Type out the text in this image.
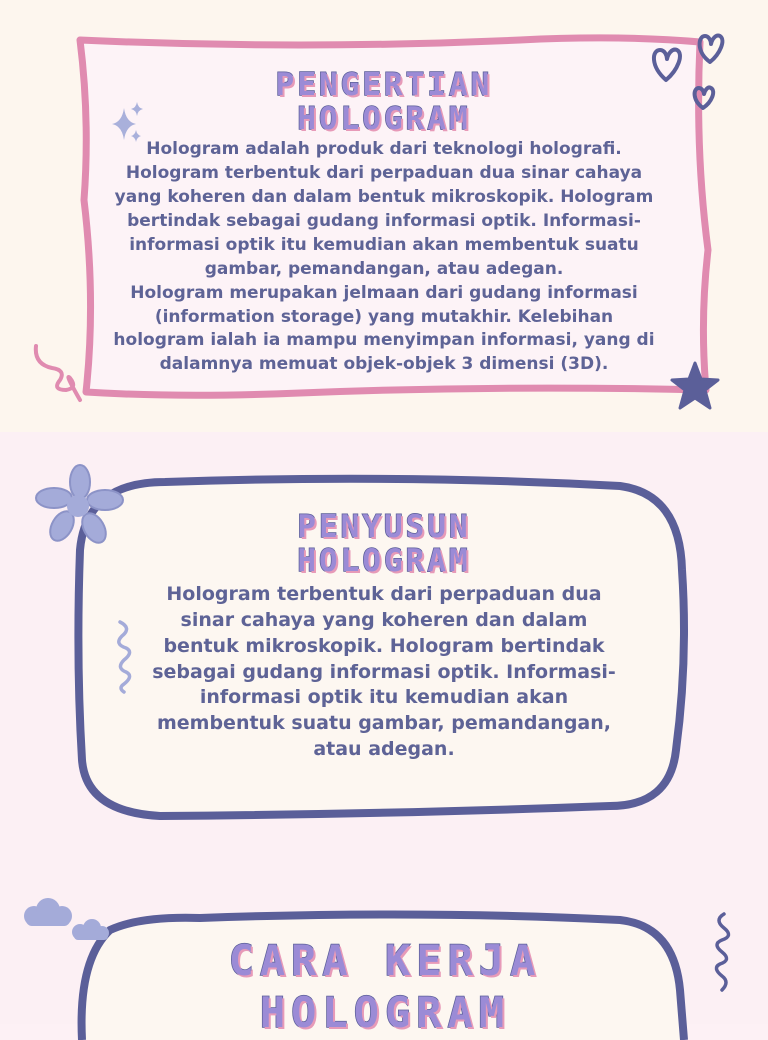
PENGERTIAN
HOLOGRAM
Hologram adalah produk dari teknologi holografi.
Hologram terbentuk dari perpaduan dua sinar cahaya
yang koheren dan dalam bentuk mikroskopik. Hologram
bertindak sebagai gudang informasi optik. Informasi-
informasi optik itu kemudian akan membentuk suatu
gambar, pemandangan, atau adegan.
Hologram merupakan jelmaan dari gudang informasi
(information storage) yang mutakhir. Kelebihan
hologram ialah ia mampu menyimpan informasi, yang di
dalamnya memuat objek-objek 3 dimensi (3D).
PENYUSUN
HOLOGRAM
Hologram terbentuk dari perpaduan dua
sinar cahaya yang koheren dan dalam
bentuk mikroskopik. Hologram bertindak
sebagai gudang informasi optik. Informasi-
informasi optik itu kemudian akan
membentuk suatu gambar, pemandangan,
atau adegan.
CARA KERJA
HOLOGRAM
